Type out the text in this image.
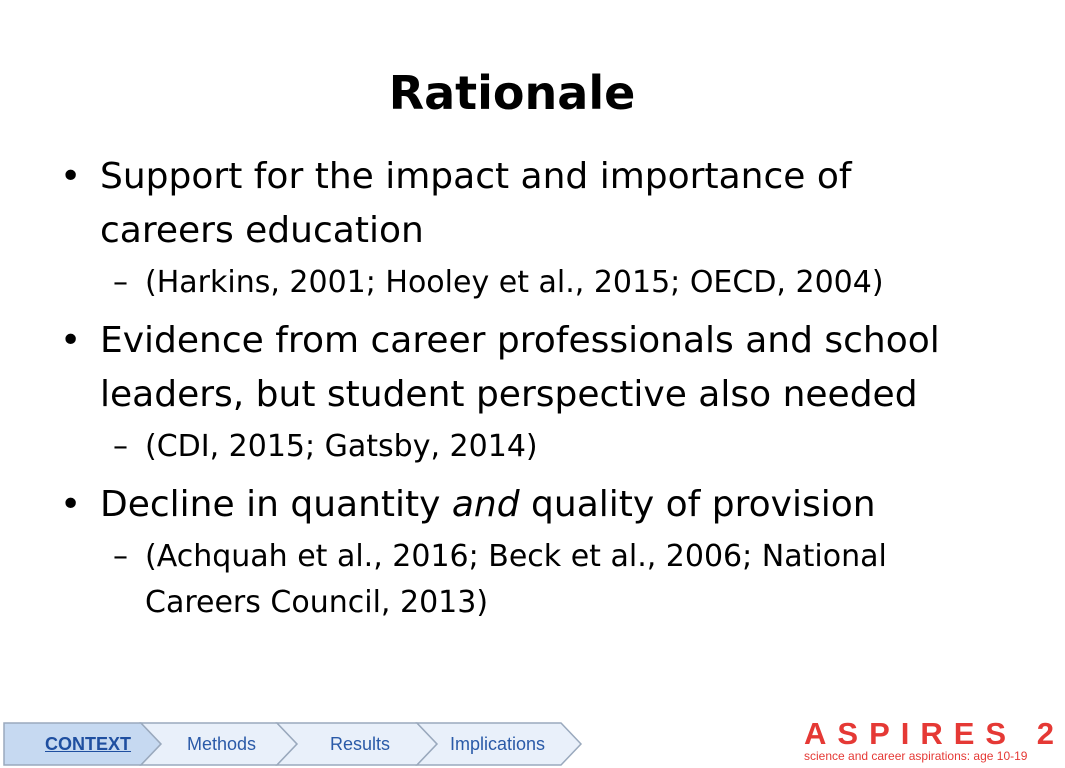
Rationale
• Support for the impact and importance of careers education
– (Harkins, 2001; Hooley et al., 2015; OECD, 2004)
• Evidence from career professionals and school leaders, but student perspective also needed
– (CDI, 2015; Gatsby, 2014)
• Decline in quantity and quality of provision
– (Achquah et al., 2016; Beck et al., 2006; National Careers Council, 2013)
CONTEXT	Methods	Results	Implications	ASPIRES 2
science and career aspirations: age 10-19
